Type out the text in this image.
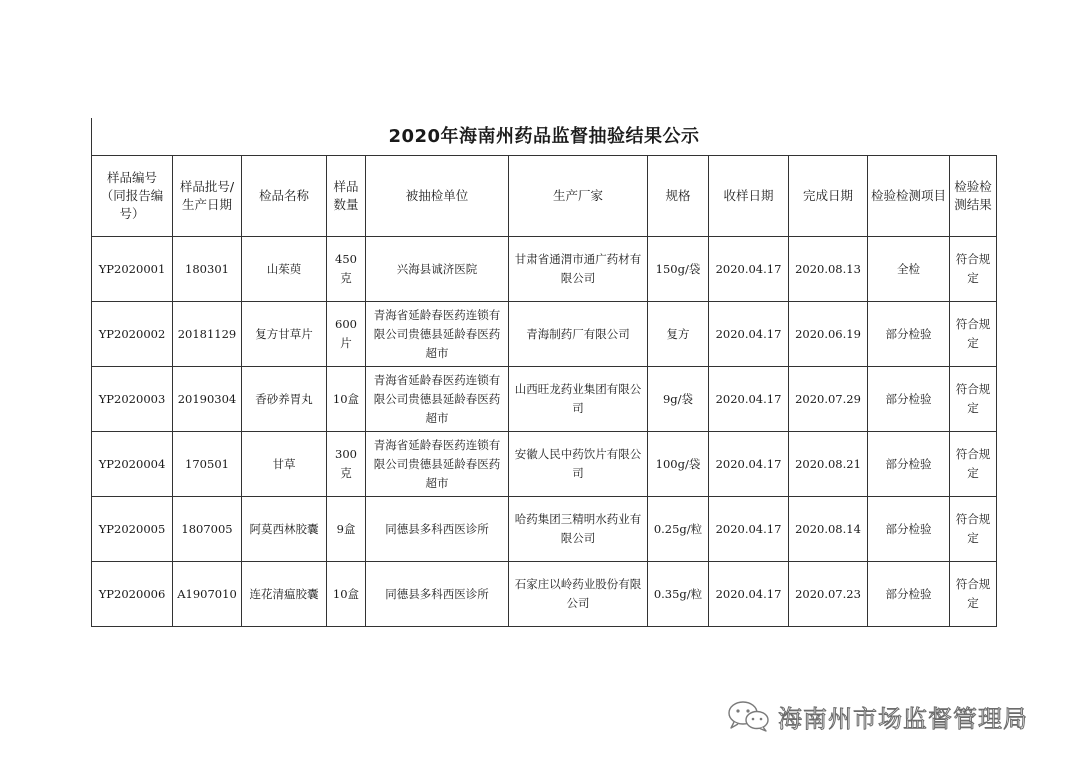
2020年海南州药品监督抽验结果公示
样品编号（同报告编号）	样品批号/生产日期	检品名称	样品数量	被抽检单位	生产厂家	规格	收样日期	完成日期	检验检测项目	检验检测结果
YP2020001	180301	山茱萸	450克	兴海县诚济医院	甘肃省通渭市通广药材有限公司	150g/袋	2020.04.17	2020.08.13	全检	符合规定
YP2020002	20181129	复方甘草片	600片	青海省延龄春医药连锁有限公司贵德县延龄春医药超市	青海制药厂有限公司	复方	2020.04.17	2020.06.19	部分检验	符合规定
YP2020003	20190304	香砂养胃丸	10盒	青海省延龄春医药连锁有限公司贵德县延龄春医药超市	山西旺龙药业集团有限公司	9g/袋	2020.04.17	2020.07.29	部分检验	符合规定
YP2020004	170501	甘草	300克	青海省延龄春医药连锁有限公司贵德县延龄春医药超市	安徽人民中药饮片有限公司	100g/袋	2020.04.17	2020.08.21	部分检验	符合规定
YP2020005	1807005	阿莫西林胶囊	9盒	同德县多科西医诊所	哈药集团三精明水药业有限公司	0.25g/粒	2020.04.17	2020.08.14	部分检验	符合规定
YP2020006	A1907010	连花清瘟胶囊	10盒	同德县多科西医诊所	石家庄以岭药业股份有限公司	0.35g/粒	2020.04.17	2020.07.23	部分检验	符合规定
海南州市场监督管理局
